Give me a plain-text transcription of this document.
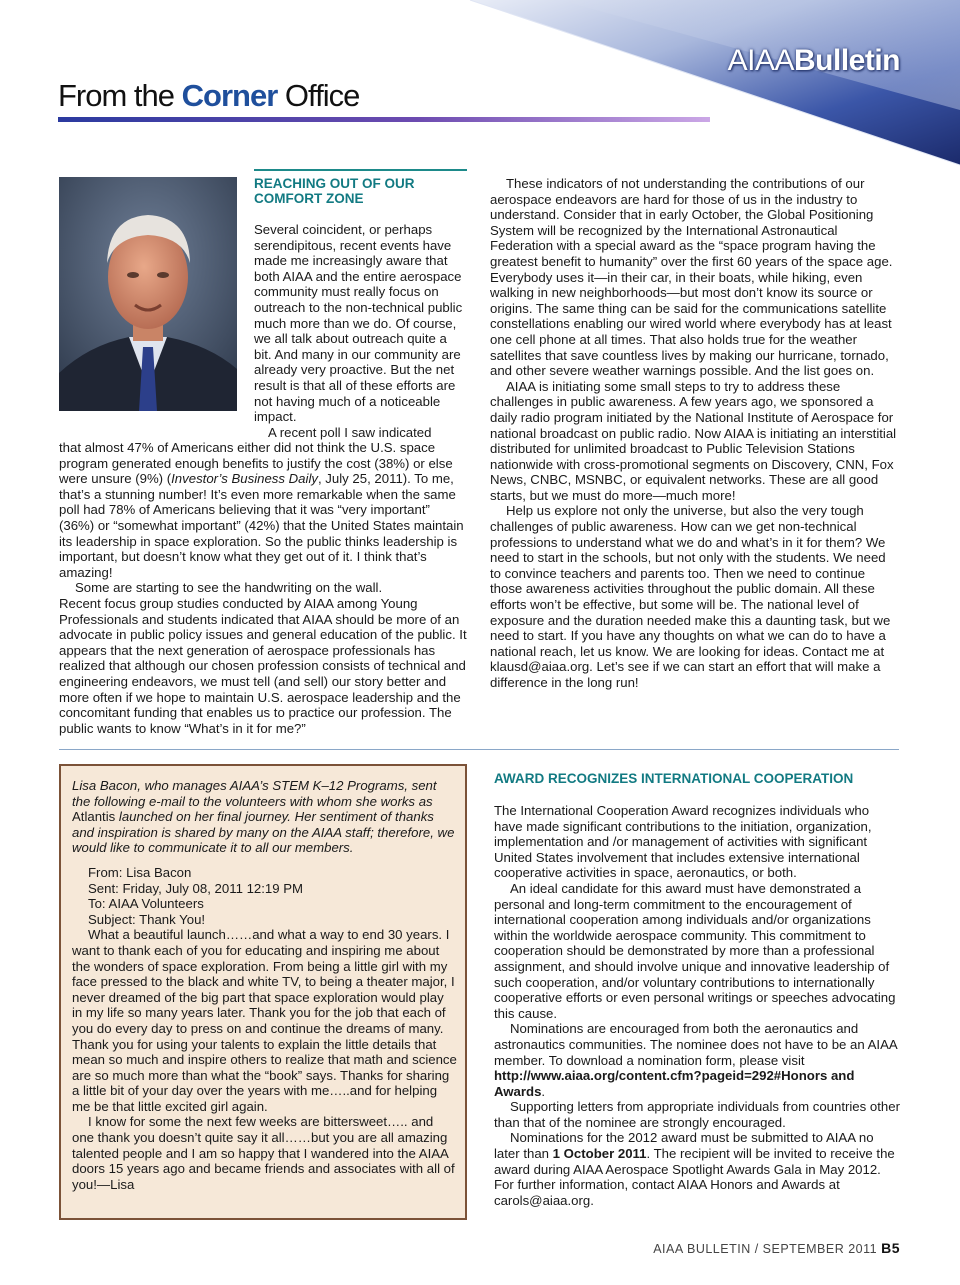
AIAABulletin
From the Corner Office
REACHING OUT OF OUR COMFORT ZONE

Several coincident, or perhaps serendipitous, recent events have made me increasingly aware that both AIAA and the entire aerospace community must really focus on outreach to the non-technical public much more than we do. Of course, we all talk about outreach quite a bit. And many in our community are already very proactive. But the net result is that all of these efforts are not having much of a noticeable impact.

A recent poll I saw indicated

that almost 47% of Americans either did not think the U.S. space program generated enough benefits to justify the cost (38%) or else were unsure (9%) (Investor’s Business Daily, July 25, 2011). To me, that’s a stunning number! It’s even more remarkable when the same poll had 78% of Americans believing that it was “very important” (36%) or “somewhat important” (42%) that the United States maintain its leadership in space exploration. So the public thinks leadership is important, but doesn’t know what they get out of it. I think that’s amazing!

Some are starting to see the handwriting on the wall.

Recent focus group studies conducted by AIAA among Young Professionals and students indicated that AIAA should be more of an advocate in public policy issues and general education of the public. It appears that the next generation of aerospace professionals has realized that although our chosen profession consists of technical and engineering endeavors, we must tell (and sell) our story better and more often if we hope to maintain U.S. aerospace leadership and the concomitant funding that enables us to practice our profession. The public wants to know “What’s in it for me?”

These indicators of not understanding the contributions of our aerospace endeavors are hard for those of us in the industry to understand. Consider that in early October, the Global Positioning System will be recognized by the International Astronautical Federation with a special award as the “space program having the greatest benefit to humanity” over the first 60 years of the space age. Everybody uses it—in their car, in their boats, while hiking, even walking in new neighborhoods—but most don’t know its source or origins. The same thing can be said for the communications satellite constellations enabling our wired world where everybody has at least one cell phone at all times. That also holds true for the weather satellites that save countless lives by making our hurricane, tornado, and other severe weather warnings possible. And the list goes on.

AIAA is initiating some small steps to try to address these challenges in public awareness. A few years ago, we sponsored a daily radio program initiated by the National Institute of Aerospace for national broadcast on public radio. Now AIAA is initiating an interstitial distributed for unlimited broadcast to Public Television Stations nationwide with cross-promotional segments on Discovery, CNN, Fox News, CNBC, MSNBC, or equivalent networks. These are all good starts, but we must do more—much more!

Help us explore not only the universe, but also the very tough challenges of public awareness. How can we get non-technical professions to understand what we do and what’s in it for them? We need to start in the schools, but not only with the students. We need to convince teachers and parents too. Then we need to continue those awareness activities throughout the public domain. All these efforts won’t be effective, but some will be. The national level of exposure and the duration needed make this a daunting task, but we need to start. If you have any thoughts on what we can do to have a national reach, let us know. We are looking for ideas. Contact me at klausd@aiaa.org. Let’s see if we can start an effort that will make a difference in the long run!

Lisa Bacon, who manages AIAA’s STEM K–12 Programs, sent the following e-mail to the volunteers with whom she works as Atlantis launched on her final journey. Her sentiment of thanks and inspiration is shared by many on the AIAA staff; therefore, we would like to communicate it to all our members.

From: Lisa Bacon

Sent: Friday, July 08, 2011 12:19 PM

To: AIAA Volunteers

Subject: Thank You!

What a beautiful launch……and what a way to end 30 years. I want to thank each of you for educating and inspiring me about the wonders of space exploration. From being a little girl with my face pressed to the black and white TV, to being a theater major, I never dreamed of the big part that space exploration would play in my life so many years later. Thank you for the job that each of you do every day to press on and continue the dreams of many. Thank you for using your talents to explain the little details that mean so much and inspire others to realize that math and science are so much more than what the “book” says. Thanks for sharing a little bit of your day over the years with me…..and for helping me be that little excited girl again.

I know for some the next few weeks are bittersweet….. and one thank you doesn’t quite say it all……but you are all amazing talented people and I am so happy that I wandered into the AIAA doors 15 years ago and became friends and associates with all of you!—Lisa

AWARD RECOGNIZES INTERNATIONAL COOPERATION

The International Cooperation Award recognizes individuals who have made significant contributions to the initiation, organization, implementation and /or management of activities with significant United States involvement that includes extensive international cooperative activities in space, aeronautics, or both.

An ideal candidate for this award must have demonstrated a personal and long-term commitment to the encouragement of international cooperation among individuals and/or organizations within the worldwide aerospace community. This commitment to cooperation should be demonstrated by more than a professional assignment, and should involve unique and innovative leadership of such cooperation, and/or voluntary contributions to internationally cooperative efforts or even personal writings or speeches advocating this cause.

Nominations are encouraged from both the aeronautics and astronautics communities. The nominee does not have to be an AIAA member. To download a nomination form, please visit http://www.aiaa.org/content.cfm?pageid=292#Honors and Awards.

Supporting letters from appropriate individuals from countries other than that of the nominee are strongly encouraged.

Nominations for the 2012 award must be submitted to AIAA no later than 1 October 2011. The recipient will be invited to receive the award during AIAA Aerospace Spotlight Awards Gala in May 2012. For further information, contact AIAA Honors and Awards at carols@aiaa.org.

AIAA BULLETIN / SEPTEMBER 2011 B5
